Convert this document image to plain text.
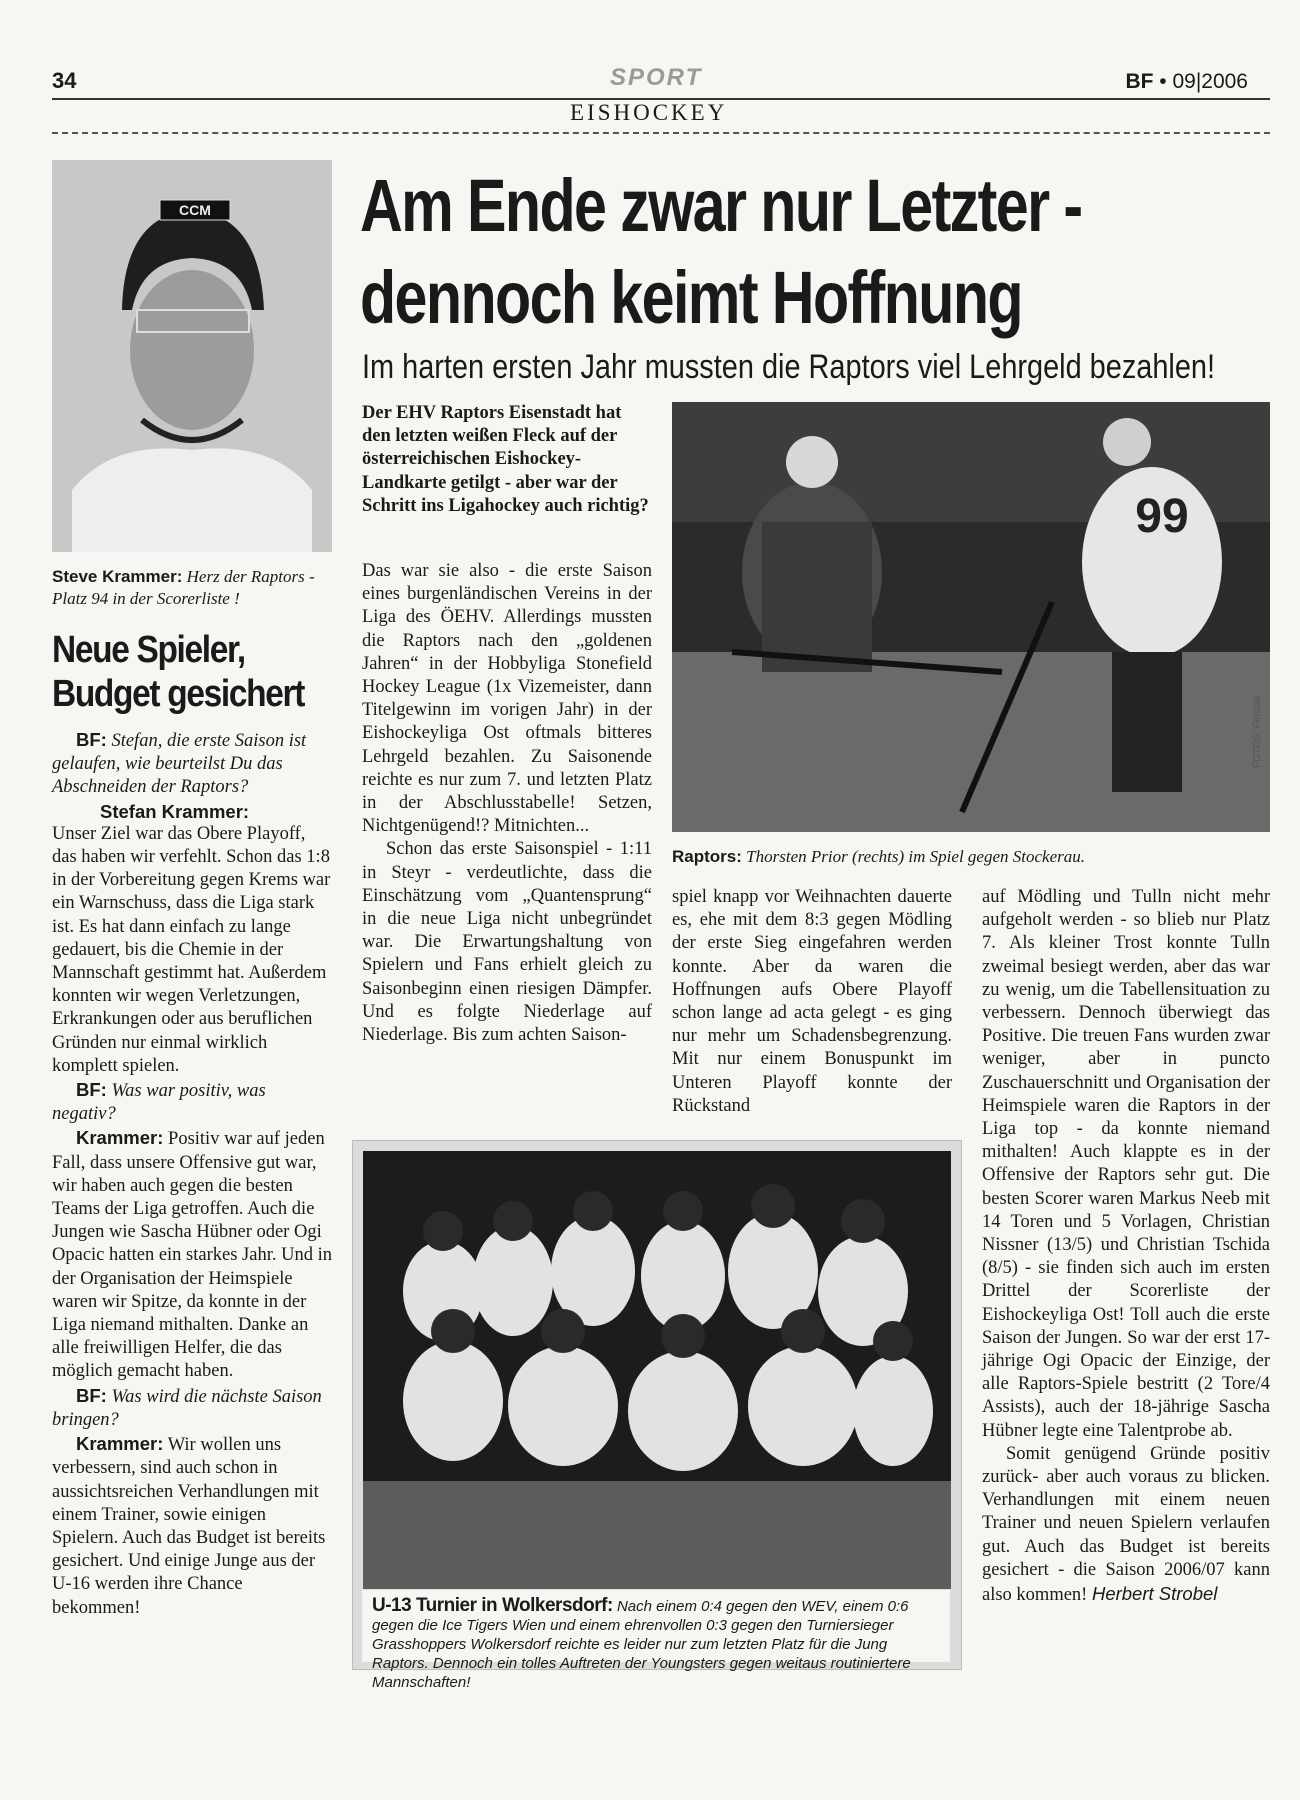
34	SPORT	BF • 09|2006
EISHOCKEY
CCM
Steve Krammer: Herz der Raptors - Platz 94 in der Scorerliste !
Neue Spieler,
Budget gesichert

BF: Stefan, die erste Saison ist gelaufen, wie beurteilst Du das Abschneiden der Raptors?

Stefan Krammer:
Unser Ziel war das Obere Playoff, das haben wir verfehlt. Schon das 1:8 in der Vorbereitung gegen Krems war ein Warnschuss, dass die Liga stark ist. Es hat dann einfach zu lange gedauert, bis die Chemie in der Mannschaft gestimmt hat. Außerdem konnten wir wegen Verletzungen, Erkrankungen oder aus beruflichen Gründen nur einmal wirklich komplett spielen.

BF: Was war positiv, was negativ?

Krammer: Positiv war auf jeden Fall, dass unsere Offensive gut war, wir haben auch gegen die besten Teams der Liga getroffen. Auch die Jungen wie Sascha Hübner oder Ogi Opacic hatten ein starkes Jahr. Und in der Organisation der Heimspiele waren wir Spitze, da konnte in der Liga niemand mithalten. Danke an alle freiwilligen Helfer, die das möglich gemacht haben.

BF: Was wird die nächste Saison bringen?

Krammer: Wir wollen uns verbessern, sind auch schon in aussichtsreichen Verhandlungen mit einem Trainer, sowie einigen Spielern. Auch das Budget ist bereits gesichert. Und einige Junge aus der U-16 werden ihre Chance bekommen!

Am Ende zwar nur Letzter -
dennoch keimt Hoffnung
Im harten ersten Jahr mussten die Raptors viel Lehrgeld bezahlen!
Der EHV Raptors Eisenstadt hat den letzten weißen Fleck auf der österreichischen Eishockey-Landkarte getilgt - aber war der Schritt ins Ligahockey auch richtig?	99
FOTOS: Fertsak
Raptors: Thorsten Prior (rechts) im Spiel gegen Stockerau.

Das war sie also - die erste Saison eines burgenländischen Vereins in der Liga des ÖEHV. Allerdings mussten die Raptors nach den „goldenen Jahren“ in der Hobbyliga Stonefield Hockey League (1x Vizemeister, dann Titelgewinn im vorigen Jahr) in der Eishockeyliga Ost oftmals bitteres Lehrgeld bezahlen. Zu Saisonende reichte es nur zum 7. und letzten Platz in der Abschlusstabelle! Setzen, Nichtgenügend!? Mitnichten...

Schon das erste Saisonspiel - 1:11 in Steyr - verdeutlichte, dass die Einschätzung vom „Quantensprung“ in die neue Liga nicht unbegründet war. Die Erwartungshaltung von Spielern und Fans erhielt gleich zu Saisonbeginn einen riesigen Dämpfer. Und es folgte Niederlage auf Niederlage. Bis zum achten Saison-

spiel knapp vor Weihnachten dauerte es, ehe mit dem 8:3 gegen Mödling der erste Sieg eingefahren werden konnte. Aber da waren die Hoffnungen aufs Obere Playoff schon lange ad acta gelegt - es ging nur mehr um Schadensbegrenzung. Mit nur einem Bonuspunkt im Unteren Playoff konnte der Rückstand

auf Mödling und Tulln nicht mehr aufgeholt werden - so blieb nur Platz 7. Als kleiner Trost konnte Tulln zweimal besiegt werden, aber das war zu wenig, um die Tabellensituation zu verbessern. Dennoch überwiegt das Positive. Die treuen Fans wurden zwar weniger, aber in puncto Zuschauerschnitt und Organisation der Heimspiele waren die Raptors in der Liga top - da konnte niemand mithalten! Auch klappte es in der Offensive der Raptors sehr gut. Die besten Scorer waren Markus Neeb mit 14 Toren und 5 Vorlagen, Christian Nissner (13/5) und Christian Tschida (8/5) - sie finden sich auch im ersten Drittel der Scorerliste der Eishockeyliga Ost! Toll auch die erste Saison der Jungen. So war der erst 17-jährige Ogi Opacic der Einzige, der alle Raptors-Spiele bestritt (2 Tore/4 Assists), auch der 18-jährige Sascha Hübner legte eine Talentprobe ab.

Somit genügend Gründe positiv zurück- aber auch voraus zu blicken. Verhandlungen mit einem neuen Trainer und neuen Spielern verlaufen gut. Auch das Budget ist bereits gesichert - die Saison 2006/07 kann also kommen! Herbert Strobel

U-13 Turnier in Wolkersdorf: Nach einem 0:4 gegen den WEV, einem 0:6 gegen die Ice Tigers Wien und einem ehrenvollen 0:3 gegen den Turniersieger Grasshoppers Wolkersdorf reichte es leider nur zum letzten Platz für die Jung Raptors. Dennoch ein tolles Auftreten der Youngsters gegen weitaus routiniertere Mannschaften!
